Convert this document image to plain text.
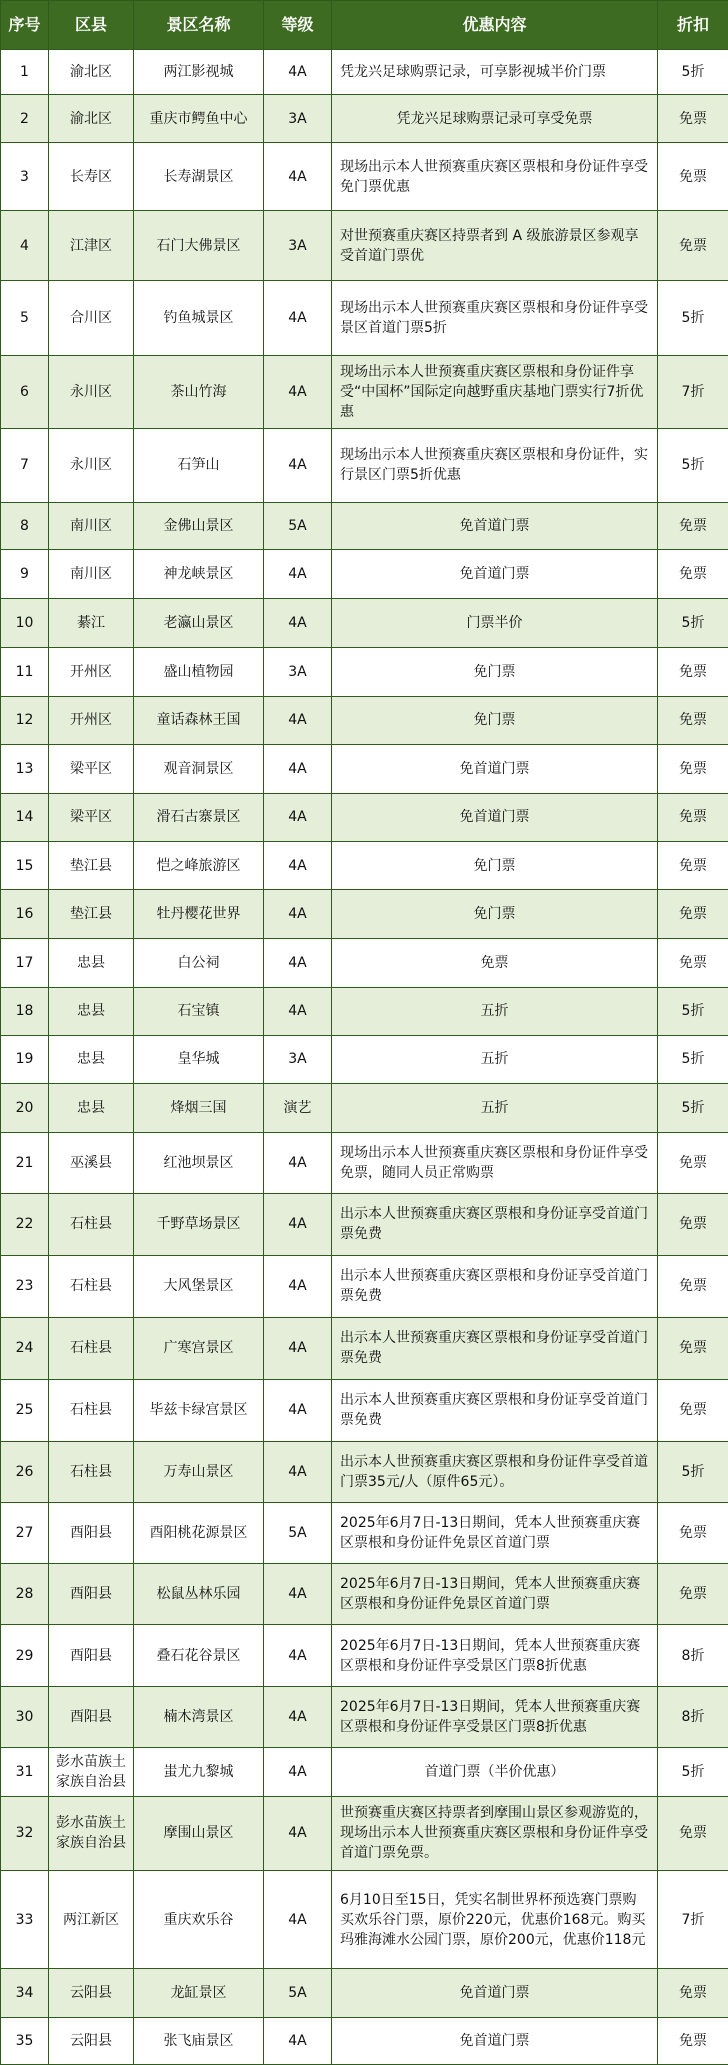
序号	区县	景区名称	等级	优惠内容	折扣
1	渝北区	两江影视城	4A	凭龙兴足球购票记录，可享影视城半价门票	5折
2	渝北区	重庆市鳄鱼中心	3A	凭龙兴足球购票记录可享受免票	免票
3	长寿区	长寿湖景区	4A	现场出示本人世预赛重庆赛区票根和身份证件享受免门票优惠	免票
4	江津区	石门大佛景区	3A	对世预赛重庆赛区持票者到 A 级旅游景区参观享受首道门票优	免票
5	合川区	钓鱼城景区	4A	现场出示本人世预赛重庆赛区票根和身份证件享受景区首道门票5折	5折
6	永川区	茶山竹海	4A	现场出示本人世预赛重庆赛区票根和身份证件享受“中国杯”国际定向越野重庆基地门票实行7折优惠	7折
7	永川区	石笋山	4A	现场出示本人世预赛重庆赛区票根和身份证件，实行景区门票5折优惠	5折
8	南川区	金佛山景区	5A	免首道门票	免票
9	南川区	神龙峡景区	4A	免首道门票	免票
10	綦江	老瀛山景区	4A	门票半价	5折
11	开州区	盛山植物园	3A	免门票	免票
12	开州区	童话森林王国	4A	免门票	免票
13	梁平区	观音洞景区	4A	免首道门票	免票
14	梁平区	滑石古寨景区	4A	免首道门票	免票
15	垫江县	恺之峰旅游区	4A	免门票	免票
16	垫江县	牡丹樱花世界	4A	免门票	免票
17	忠县	白公祠	4A	免票	免票
18	忠县	石宝镇	4A	五折	5折
19	忠县	皇华城	3A	五折	5折
20	忠县	烽烟三国	演艺	五折	5折
21	巫溪县	红池坝景区	4A	现场出示本人世预赛重庆赛区票根和身份证件享受免票，随同人员正常购票	免票
22	石柱县	千野草场景区	4A	出示本人世预赛重庆赛区票根和身份证享受首道门票免费	免票
23	石柱县	大风堡景区	4A	出示本人世预赛重庆赛区票根和身份证享受首道门票免费	免票
24	石柱县	广寒宫景区	4A	出示本人世预赛重庆赛区票根和身份证享受首道门票免费	免票
25	石柱县	毕兹卡绿宫景区	4A	出示本人世预赛重庆赛区票根和身份证享受首道门票免费	免票
26	石柱县	万寿山景区	4A	出示本人世预赛重庆赛区票根和身份证件享受首道门票35元/人（原件65元）。	5折
27	酉阳县	酉阳桃花源景区	5A	2025年6月7日-13日期间，凭本人世预赛重庆赛区票根和身份证件免景区首道门票	免票
28	酉阳县	松鼠丛林乐园	4A	2025年6月7日-13日期间，凭本人世预赛重庆赛区票根和身份证件免景区首道门票	免票
29	酉阳县	叠石花谷景区	4A	2025年6月7日-13日期间，凭本人世预赛重庆赛区票根和身份证件享受景区门票8折优惠	8折
30	酉阳县	楠木湾景区	4A	2025年6月7日-13日期间，凭本人世预赛重庆赛区票根和身份证件享受景区门票8折优惠	8折
31	彭水苗族土家族自治县	蚩尤九黎城	4A	首道门票（半价优惠）	5折
32	彭水苗族土家族自治县	摩围山景区	4A	世预赛重庆赛区持票者到摩围山景区参观游览的，现场出示本人世预赛重庆赛区票根和身份证件享受首道门票免票。	免票
33	两江新区	重庆欢乐谷	4A	6月10日至15日，凭实名制世界杯预选赛门票购买欢乐谷门票，原价220元，优惠价168元。购买玛雅海滩水公园门票，原价200元，优惠价118元	7折
34	云阳县	龙缸景区	5A	免首道门票	免票
35	云阳县	张飞庙景区	4A	免首道门票	免票
